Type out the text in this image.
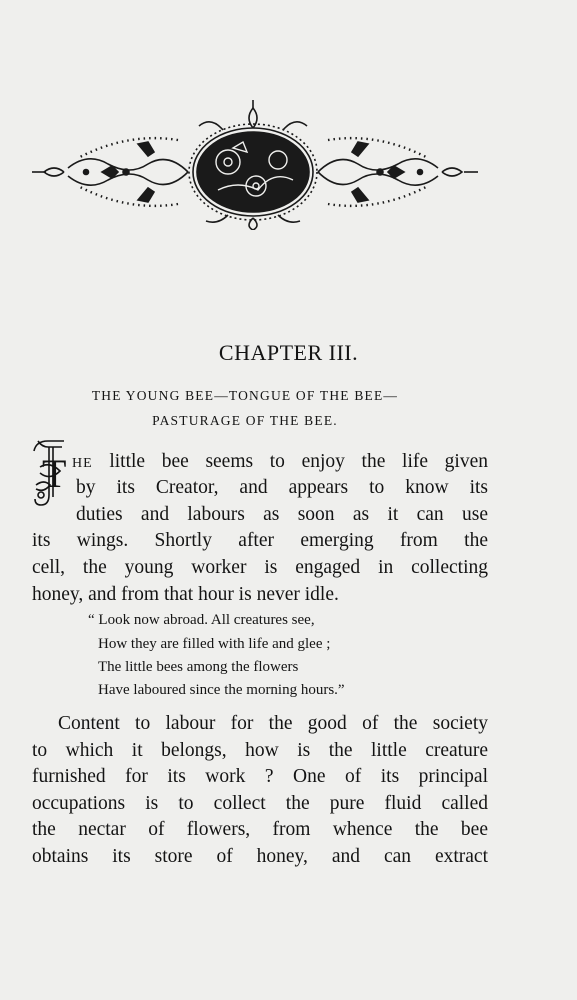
CHAPTER III.
THE YOUNG BEE—TONGUE OF THE BEE—
PASTURAGE OF THE BEE.
T HE little bee seems to enjoy the life given
by its Creator, and appears to know its
duties and labours as soon as it can use
its wings. Shortly after emerging from the
cell, the young worker is engaged in collecting
honey, and from that hour is never idle.
“ Look now abroad. All creatures see,
How they are filled with life and glee ;
The little bees among the flowers
Have laboured since the morning hours.”
Content to labour for the good of the society
to which it belongs, how is the little creature
furnished for its work ? One of its principal
occupations is to collect the pure fluid called
the nectar of flowers, from whence the bee
obtains its store of honey, and can extract
